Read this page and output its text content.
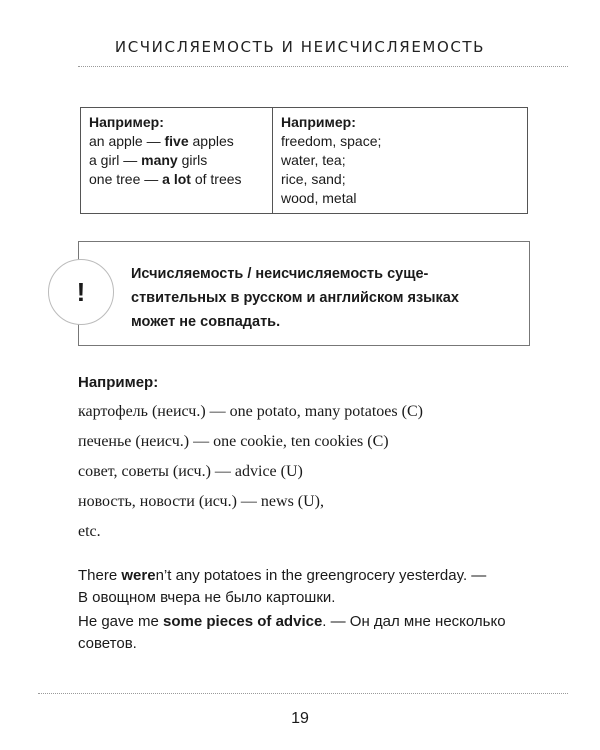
ИСЧИСЛЯЕМОСТЬ И НЕИСЧИСЛЯЕМОСТЬ
Например:
an apple — five apples
a girl — many girls
one tree — a lot of trees

Например:
freedom, space;
water, tea;
rice, sand;
wood, metal
!
Исчисляемость / неисчисляемость суще-
ствительных в русском и английском языках
может не совпадать.
Например:
картофель (неисч.) — one potato, many potatoes (C)
печенье (неисч.) — one cookie, ten cookies (C)
совет, советы (исч.) — advice (U)
новость, новости (исч.) — news (U),
etc.
There weren’t any potatoes in the greengrocery yesterday. —
В овощном вчера не было картошки.
He gave me some pieces of advice. — Он дал мне несколько
советов.
19
